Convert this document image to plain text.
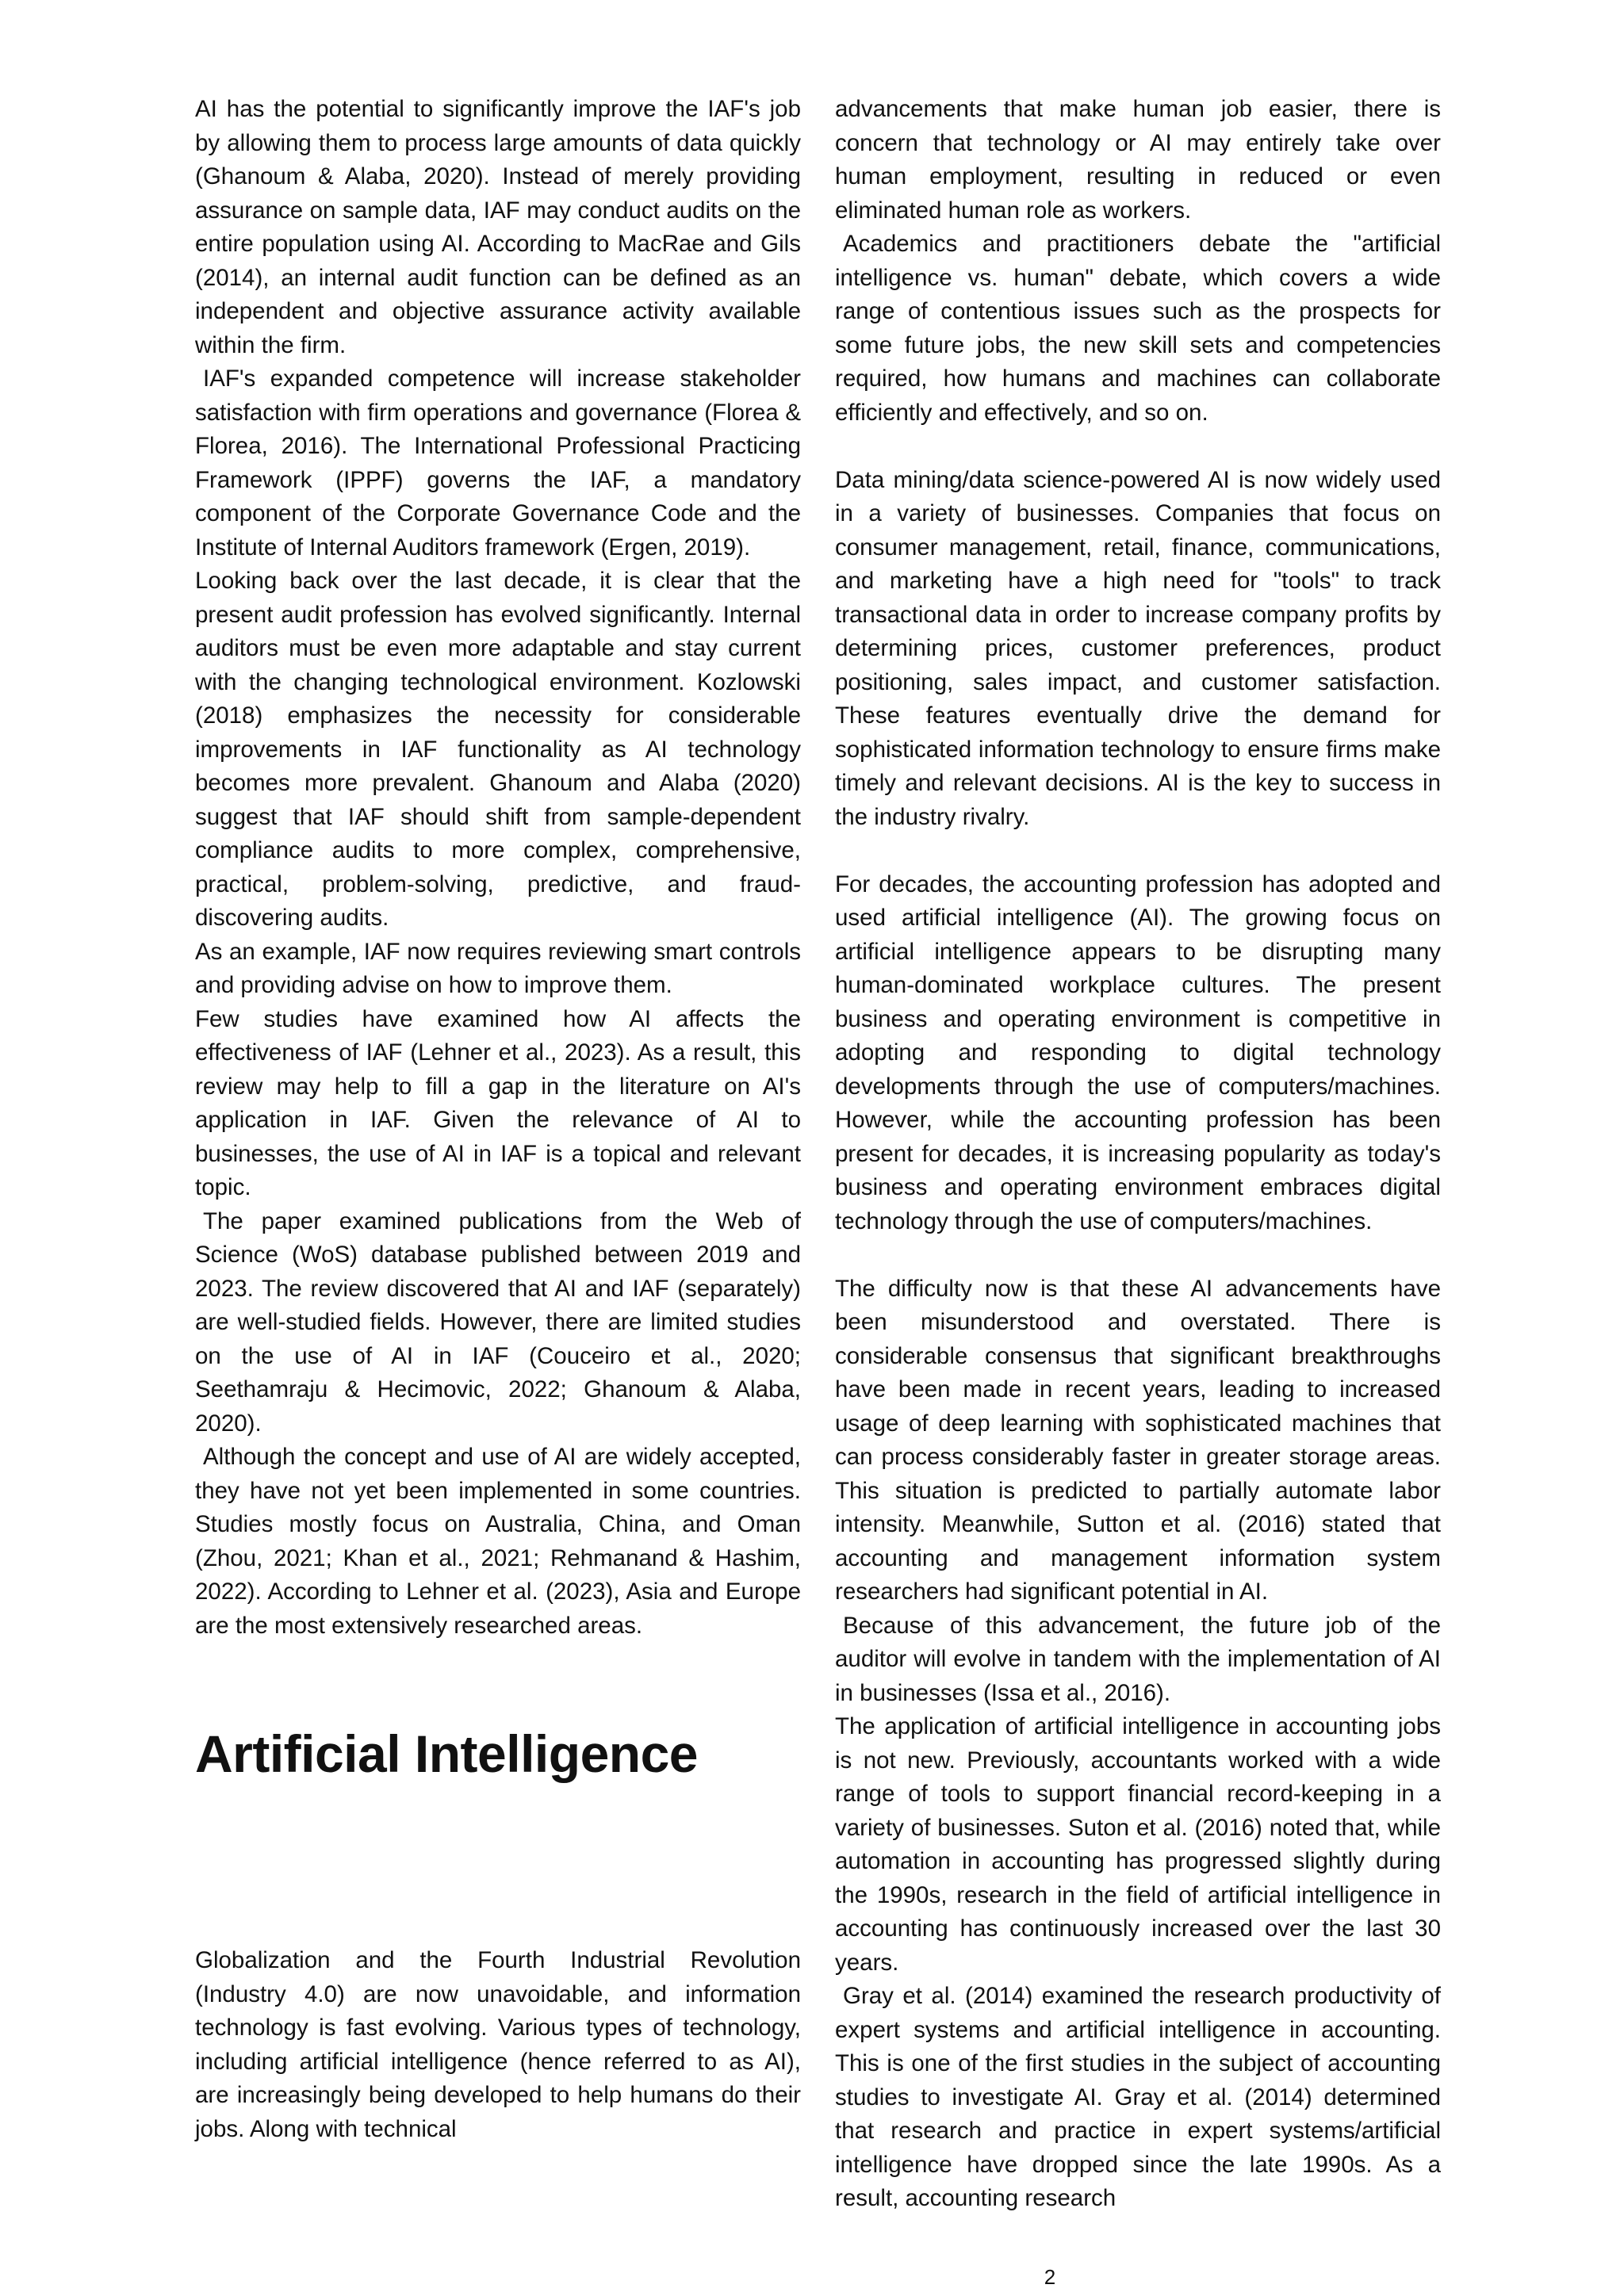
AI has the potential to significantly improve the IAF's job by allowing them to process large amounts of data quickly (Ghanoum & Alaba, 2020). Instead of merely providing assurance on sample data, IAF may conduct audits on the entire population using AI. According to MacRae and Gils (2014), an internal audit function can be defined as an independent and objective assurance activity available within the firm.

IAF's expanded competence will increase stakeholder satisfaction with firm operations and governance (Florea & Florea, 2016). The International Professional Practicing Framework (IPPF) governs the IAF, a mandatory component of the Corporate Governance Code and the Institute of Internal Auditors framework (Ergen, 2019).

Looking back over the last decade, it is clear that the present audit profession has evolved significantly. Internal auditors must be even more adaptable and stay current with the changing technological environment. Kozlowski (2018) emphasizes the necessity for considerable improvements in IAF functionality as AI technology becomes more prevalent. Ghanoum and Alaba (2020) suggest that IAF should shift from sample-dependent compliance audits to more complex, comprehensive, practical, problem-solving, predictive, and fraud-discovering audits.

As an example, IAF now requires reviewing smart controls and providing advise on how to improve them.

Few studies have examined how AI affects the effectiveness of IAF (Lehner et al., 2023). As a result, this review may help to fill a gap in the literature on AI's application in IAF. Given the relevance of AI to businesses, the use of AI in IAF is a topical and relevant topic.

The paper examined publications from the Web of Science (WoS) database published between 2019 and 2023. The review discovered that AI and IAF (separately) are well-studied fields. However, there are limited studies on the use of AI in IAF (Couceiro et al., 2020; Seethamraju & Hecimovic, 2022; Ghanoum & Alaba, 2020).

Although the concept and use of AI are widely accepted, they have not yet been implemented in some countries. Studies mostly focus on Australia, China, and Oman (Zhou, 2021; Khan et al., 2021; Rehmanand & Hashim, 2022). According to Lehner et al. (2023), Asia and Europe are the most extensively researched areas.

Artificial Intelligence

Globalization and the Fourth Industrial Revolution (Industry 4.0) are now unavoidable, and information technology is fast evolving. Various types of technology, including artificial intelligence (hence referred to as AI), are increasingly being developed to help humans do their jobs. Along with technical

advancements that make human job easier, there is concern that technology or AI may entirely take over human employment, resulting in reduced or even eliminated human role as workers.

Academics and practitioners debate the "artificial intelligence vs. human" debate, which covers a wide range of contentious issues such as the prospects for some future jobs, the new skill sets and competencies required, how humans and machines can collaborate efficiently and effectively, and so on.

Data mining/data science-powered AI is now widely used in a variety of businesses. Companies that focus on consumer management, retail, finance, communications, and marketing have a high need for "tools" to track transactional data in order to increase company profits by determining prices, customer preferences, product positioning, sales impact, and customer satisfaction. These features eventually drive the demand for sophisticated information technology to ensure firms make timely and relevant decisions. AI is the key to success in the industry rivalry.

For decades, the accounting profession has adopted and used artificial intelligence (AI). The growing focus on artificial intelligence appears to be disrupting many human-dominated workplace cultures. The present business and operating environment is competitive in adopting and responding to digital technology developments through the use of computers/machines. However, while the accounting profession has been present for decades, it is increasing popularity as today's business and operating environment embraces digital technology through the use of computers/machines.

The difficulty now is that these AI advancements have been misunderstood and overstated. There is considerable consensus that significant breakthroughs have been made in recent years, leading to increased usage of deep learning with sophisticated machines that can process considerably faster in greater storage areas. This situation is predicted to partially automate labor intensity. Meanwhile, Sutton et al. (2016) stated that accounting and management information system researchers had significant potential in AI.

Because of this advancement, the future job of the auditor will evolve in tandem with the implementation of AI in businesses (Issa et al., 2016).

The application of artificial intelligence in accounting jobs is not new. Previously, accountants worked with a wide range of tools to support financial record-keeping in a variety of businesses. Suton et al. (2016) noted that, while automation in accounting has progressed slightly during the 1990s, research in the field of artificial intelligence in accounting has continuously increased over the last 30 years.

Gray et al. (2014) examined the research productivity of expert systems and artificial intelligence in accounting. This is one of the first studies in the subject of accounting studies to investigate AI. Gray et al. (2014) determined that research and practice in expert systems/artificial intelligence have dropped since the late 1990s. As a result, accounting research

2
